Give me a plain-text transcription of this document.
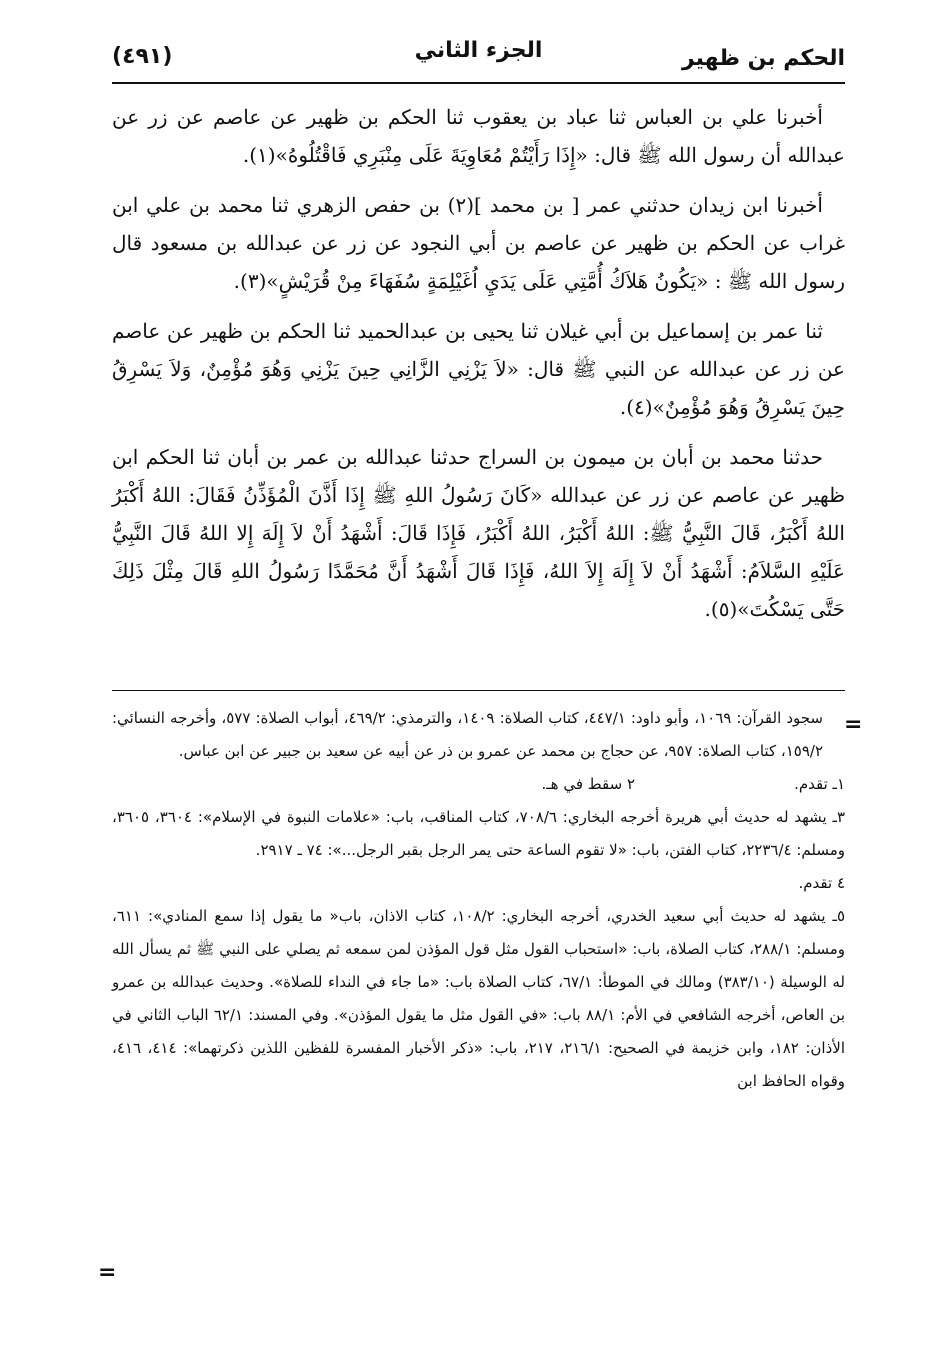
الحكم بن ظهير
الجزء الثاني
(٤٩١)

أخبرنا علي بن العباس ثنا عباد بن يعقوب ثنا الحكم بن ظهير عن عاصم عن زر عن عبدالله أن رسول الله ﷺ قال: «إِذَا رَأَيْتُمْ مُعَاوِيَةَ عَلَى مِنْبَرِي فَاقْتُلُوهُ»(١).

أخبرنا ابن زيدان حدثني عمر [ بن محمد ](٢) بن حفص الزهري ثنا محمد بن علي ابن غراب عن الحكم بن ظهير عن عاصم بن أبي النجود عن زر عن عبدالله بن مسعود قال رسول الله ﷺ : «يَكُونُ هَلاَكُ أُمَّتِي عَلَى يَدَيِ اُغَيْلِمَةٍ سُفَهَاءَ مِنْ قُرَيْشٍ»(٣).

ثنا عمر بن إسماعيل بن أبي غيلان ثنا يحيى بن عبدالحميد ثنا الحكم بن ظهير عن عاصم عن زر عن عبدالله عن النبي ﷺ قال: «لاَ يَزْنِي الزَّانِي حِينَ يَزْنِي وَهُوَ مُؤْمِنٌ، وَلاَ يَسْرِقُ حِينَ يَسْرِقُ وَهُوَ مُؤْمِنٌ»(٤).

حدثنا محمد بن أبان بن ميمون بن السراج حدثنا عبدالله بن عمر بن أبان ثنا الحكم ابن ظهير عن عاصم عن زر عن عبدالله «كَانَ رَسُولُ اللهِ ﷺ إِذَا أَذَّنَ الْمُؤَذِّنُ فَقَالَ: اللهُ أَكْبَرُ اللهُ أَكْبَرُ، قَالَ النَّبِيُّ ﷺ: اللهُ أَكْبَرُ، اللهُ أَكْبَرُ، فَإِذَا قَالَ: أَشْهَدُ أَنْ لاَ إِلَهَ إِلا اللهُ قَالَ النَّبِيُّ عَلَيْهِ السَّلاَمُ: أَشْهَدُ أَنْ لاَ إِلَهَ إِلاَ اللهُ، فَإِذَا قَالَ أَشْهَدُ أَنَّ مُحَمَّدًا رَسُولُ اللهِ قَالَ مِثْلَ ذَلِكَ حَتَّى يَسْكُتَ»(٥).

=

سجود القرآن: ١٠٦٩، وأبو داود: ٤٤٧/١، كتاب الصلاة: ١٤٠٩، والترمذي: ٤٦٩/٢، أبواب الصلاة: ٥٧٧، وأخرجه النسائي: ١٥٩/٢، كتاب الصلاة: ٩٥٧، عن حجاج بن محمد عن عمرو بن ذر عن أبيه عن سعيد بن جبير عن ابن عباس.

١ـ تقدم.
٢ سقط في هـ.

٣ـ يشهد له حديث أبي هريرة أخرجه البخاري: ٧٠٨/٦، كتاب المناقب، باب: «علامات النبوة في الإسلام»: ٣٦٠٤، ٣٦٠٥، ومسلم: ٢٢٣٦/٤، كتاب الفتن، باب: «لا تقوم الساعة حتى يمر الرجل بقبر الرجل...»: ٧٤ ـ ٢٩١٧.

٤ تقدم.

٥ـ يشهد له حديث أبي سعيد الخدري، أخرجه البخاري: ١٠٨/٢، كتاب الاذان، باب« ما يقول إذا سمع المنادي»: ٦١١، ومسلم: ٢٨٨/١، كتاب الصلاة، باب: «استحباب القول مثل قول المؤذن لمن سمعه ثم يصلي على النبي ﷺ ثم يسأل الله له الوسيلة (٣٨٣/١٠) ومالك في الموطأ: ٦٧/١، كتاب الصلاة باب: «ما جاء في النداء للصلاة». وحديث عبدالله بن عمرو بن العاص، أخرجه الشافعي في الأم: ٨٨/١ باب: «في القول مثل ما يقول المؤذن». وفي المسند: ٦٢/١ الباب الثاني في الأذان: ١٨٢، وابن خزيمة في الصحيح: ٢١٦/١، ٢١٧، باب: «ذكر الأخبار المفسرة للفظين اللذين ذكرتهما»: ٤١٤، ٤١٦، وقواه الحافظ ابن

=
